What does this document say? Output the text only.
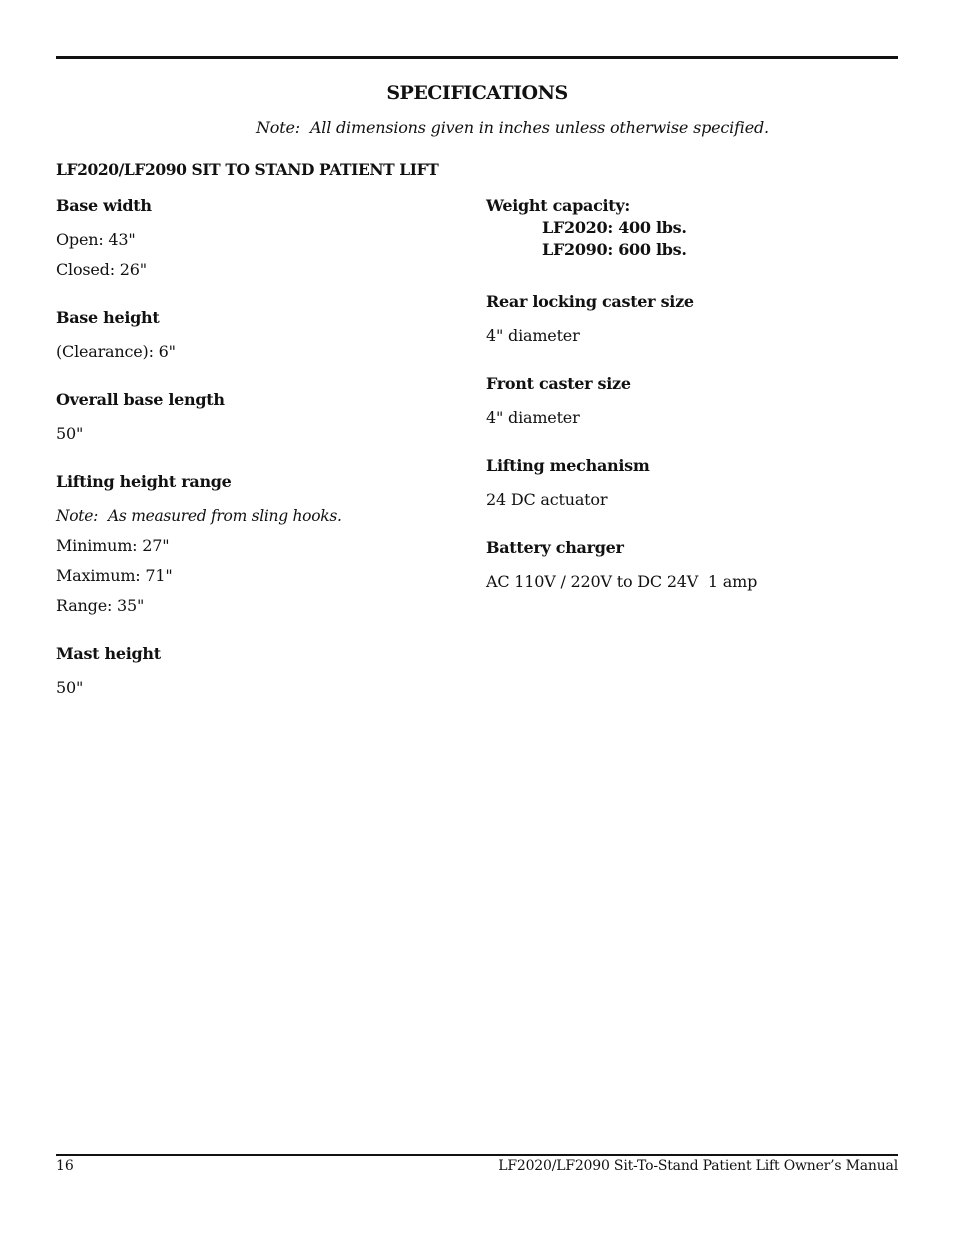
SPECIFICATIONS
Note: All dimensions given in inches unless otherwise specified.
LF2020/LF2090 SIT TO STAND PATIENT LIFT
Base width
Open: 43"
Closed: 26"
Base height
(Clearance): 6"
Overall base length
50"
Lifting height range
Note: As measured from sling hooks.
Minimum: 27"
Maximum: 71"
Range: 35"
Mast height
50"
Weight capacity:
LF2020: 400 lbs.
LF2090: 600 lbs.
Rear locking caster size
4" diameter
Front caster size
4" diameter
Lifting mechanism
24 DC actuator
Battery charger
AC 110V / 220V to DC 24V  1 amp
16	LF2020/LF2090 Sit-To-Stand Patient Lift Owner’s Manual
